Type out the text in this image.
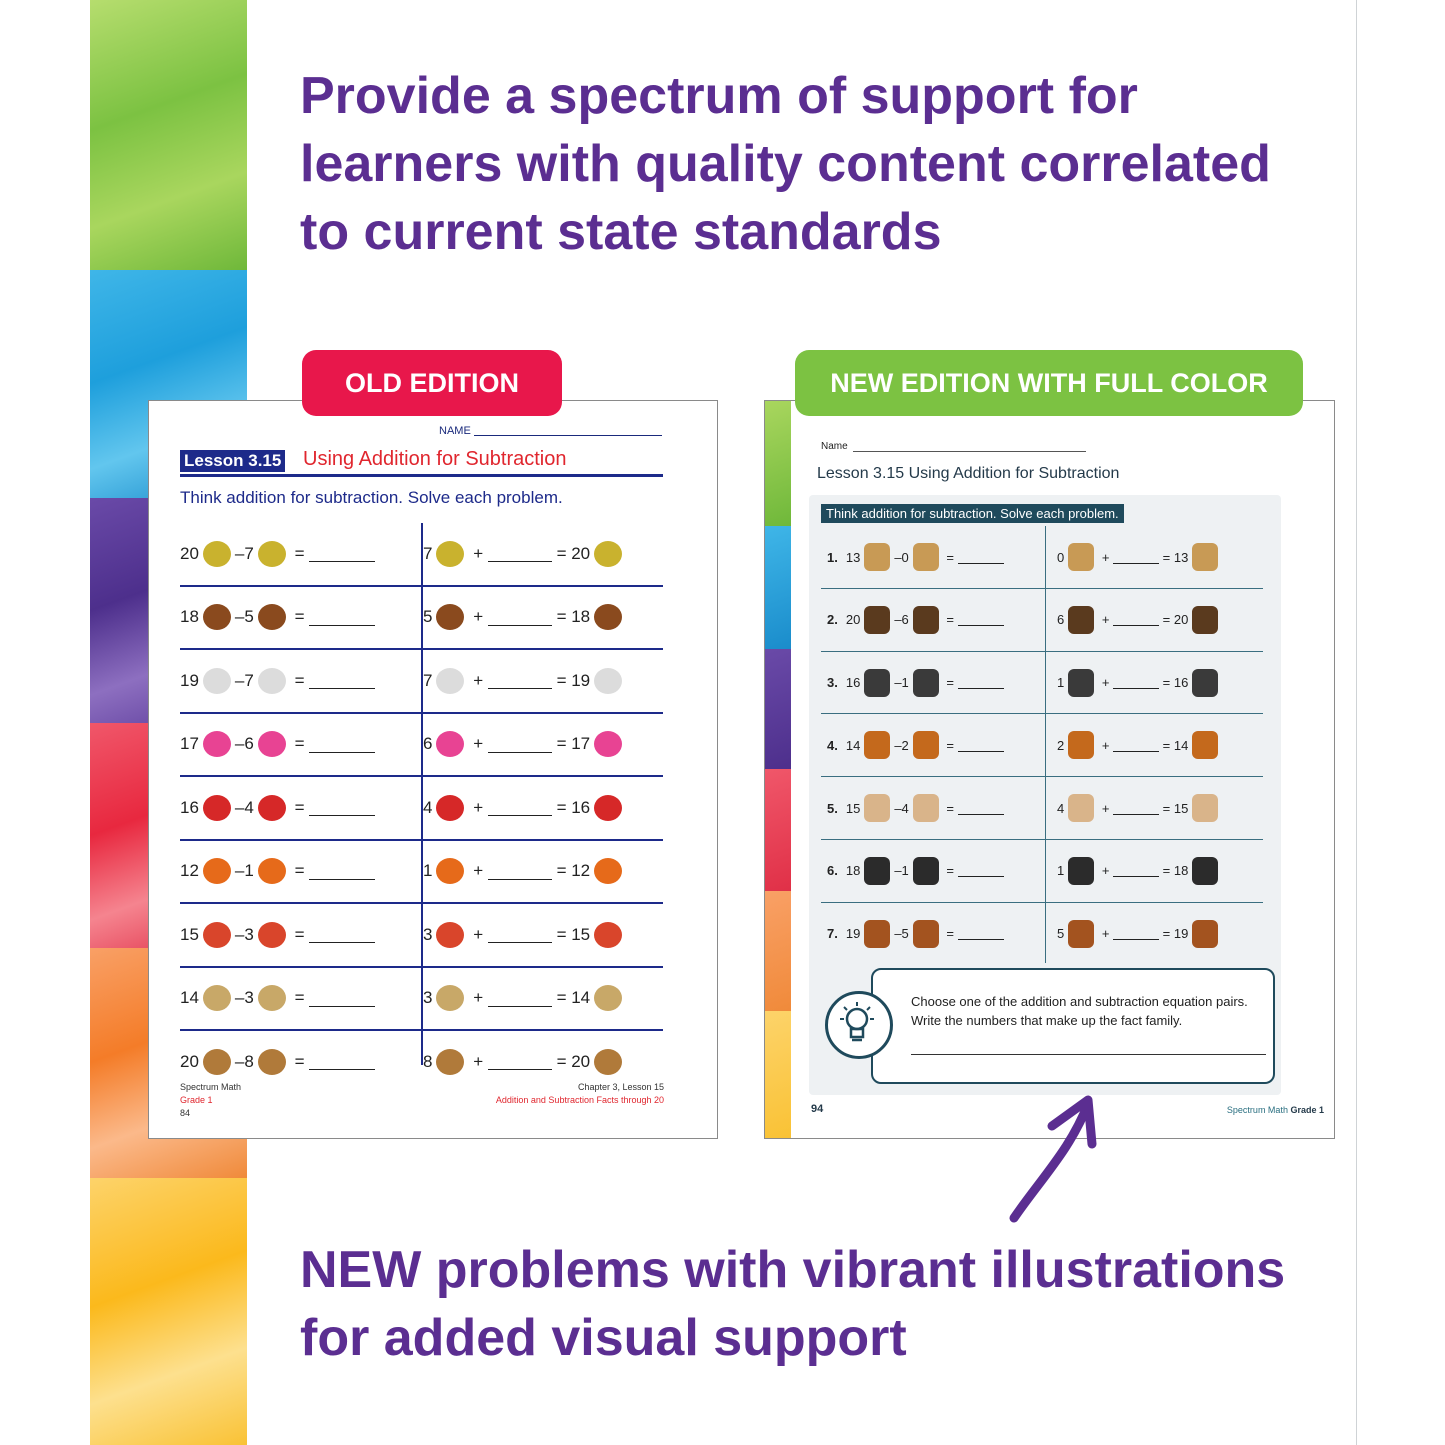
Provide a spectrum of support for learners with quality content correlated to current state standards

NAME
Lesson 3.15 Using Addition for Subtraction
Think addition for subtraction. Solve each problem.
20 – 7 =	7 +	= 20
18 – 5 =	5 +	= 18
19 – 7 =	7 +	= 19
17 – 6 =	6 +	= 17
16 – 4 =	4 +	= 16
12 – 1 =	1 +	= 12
15 – 3 =	3 +	= 15
14 – 3 =	3 +	= 14
20 – 8 =	8 +	= 20
Spectrum Math
Grade 1
84
Chapter 3, Lesson 15
Addition and Subtraction Facts through 20
Name
Lesson 3.15 Using Addition for Subtraction
Think addition for subtraction. Solve each problem.
1. 13	– 0	=	0	+	= 13
2. 20	– 6	=	6	+	= 20
3. 16	– 1	=	1	+	= 16
4. 14	– 2	=	2	+	= 14
5. 15	– 4	=	4	+	= 15
6. 18	– 1	=	1	+	= 18
7. 19	– 5	=	5	+	= 19
Choose one of the addition and subtraction equation pairs. Write the numbers that make up the fact family.
94	Spectrum Math Grade 1
OLD EDITION	NEW EDITION WITH FULL COLOR

NEW problems with vibrant illustrations for added visual support
